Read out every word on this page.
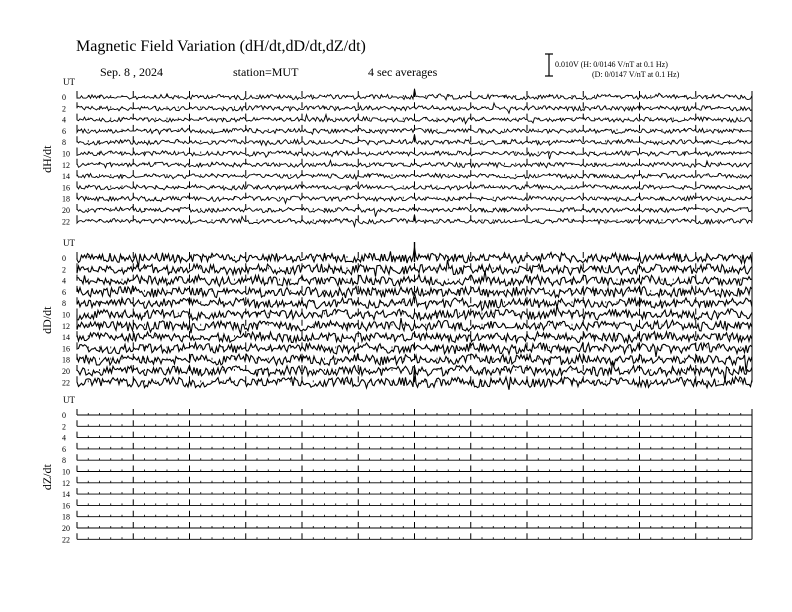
Magnetic Field Variation (dH/dt,dD/dt,dZ/dt)
Sep. 8 , 2024	station=MUT	4 sec averages
0.010V (H: 0/0146 V/nT at 0.1 Hz)
(D: 0/0147 V/nT at 0.1 Hz)
UT
dH/dt
0
2
4
6
8
10
12
14
16
18
20
22
UT
dD/dt
0
2
4
6
8
10
12
14
16
18
20
22
UT
dZ/dt
0
2
4
6
8
10
12
14
16
18
20
22
